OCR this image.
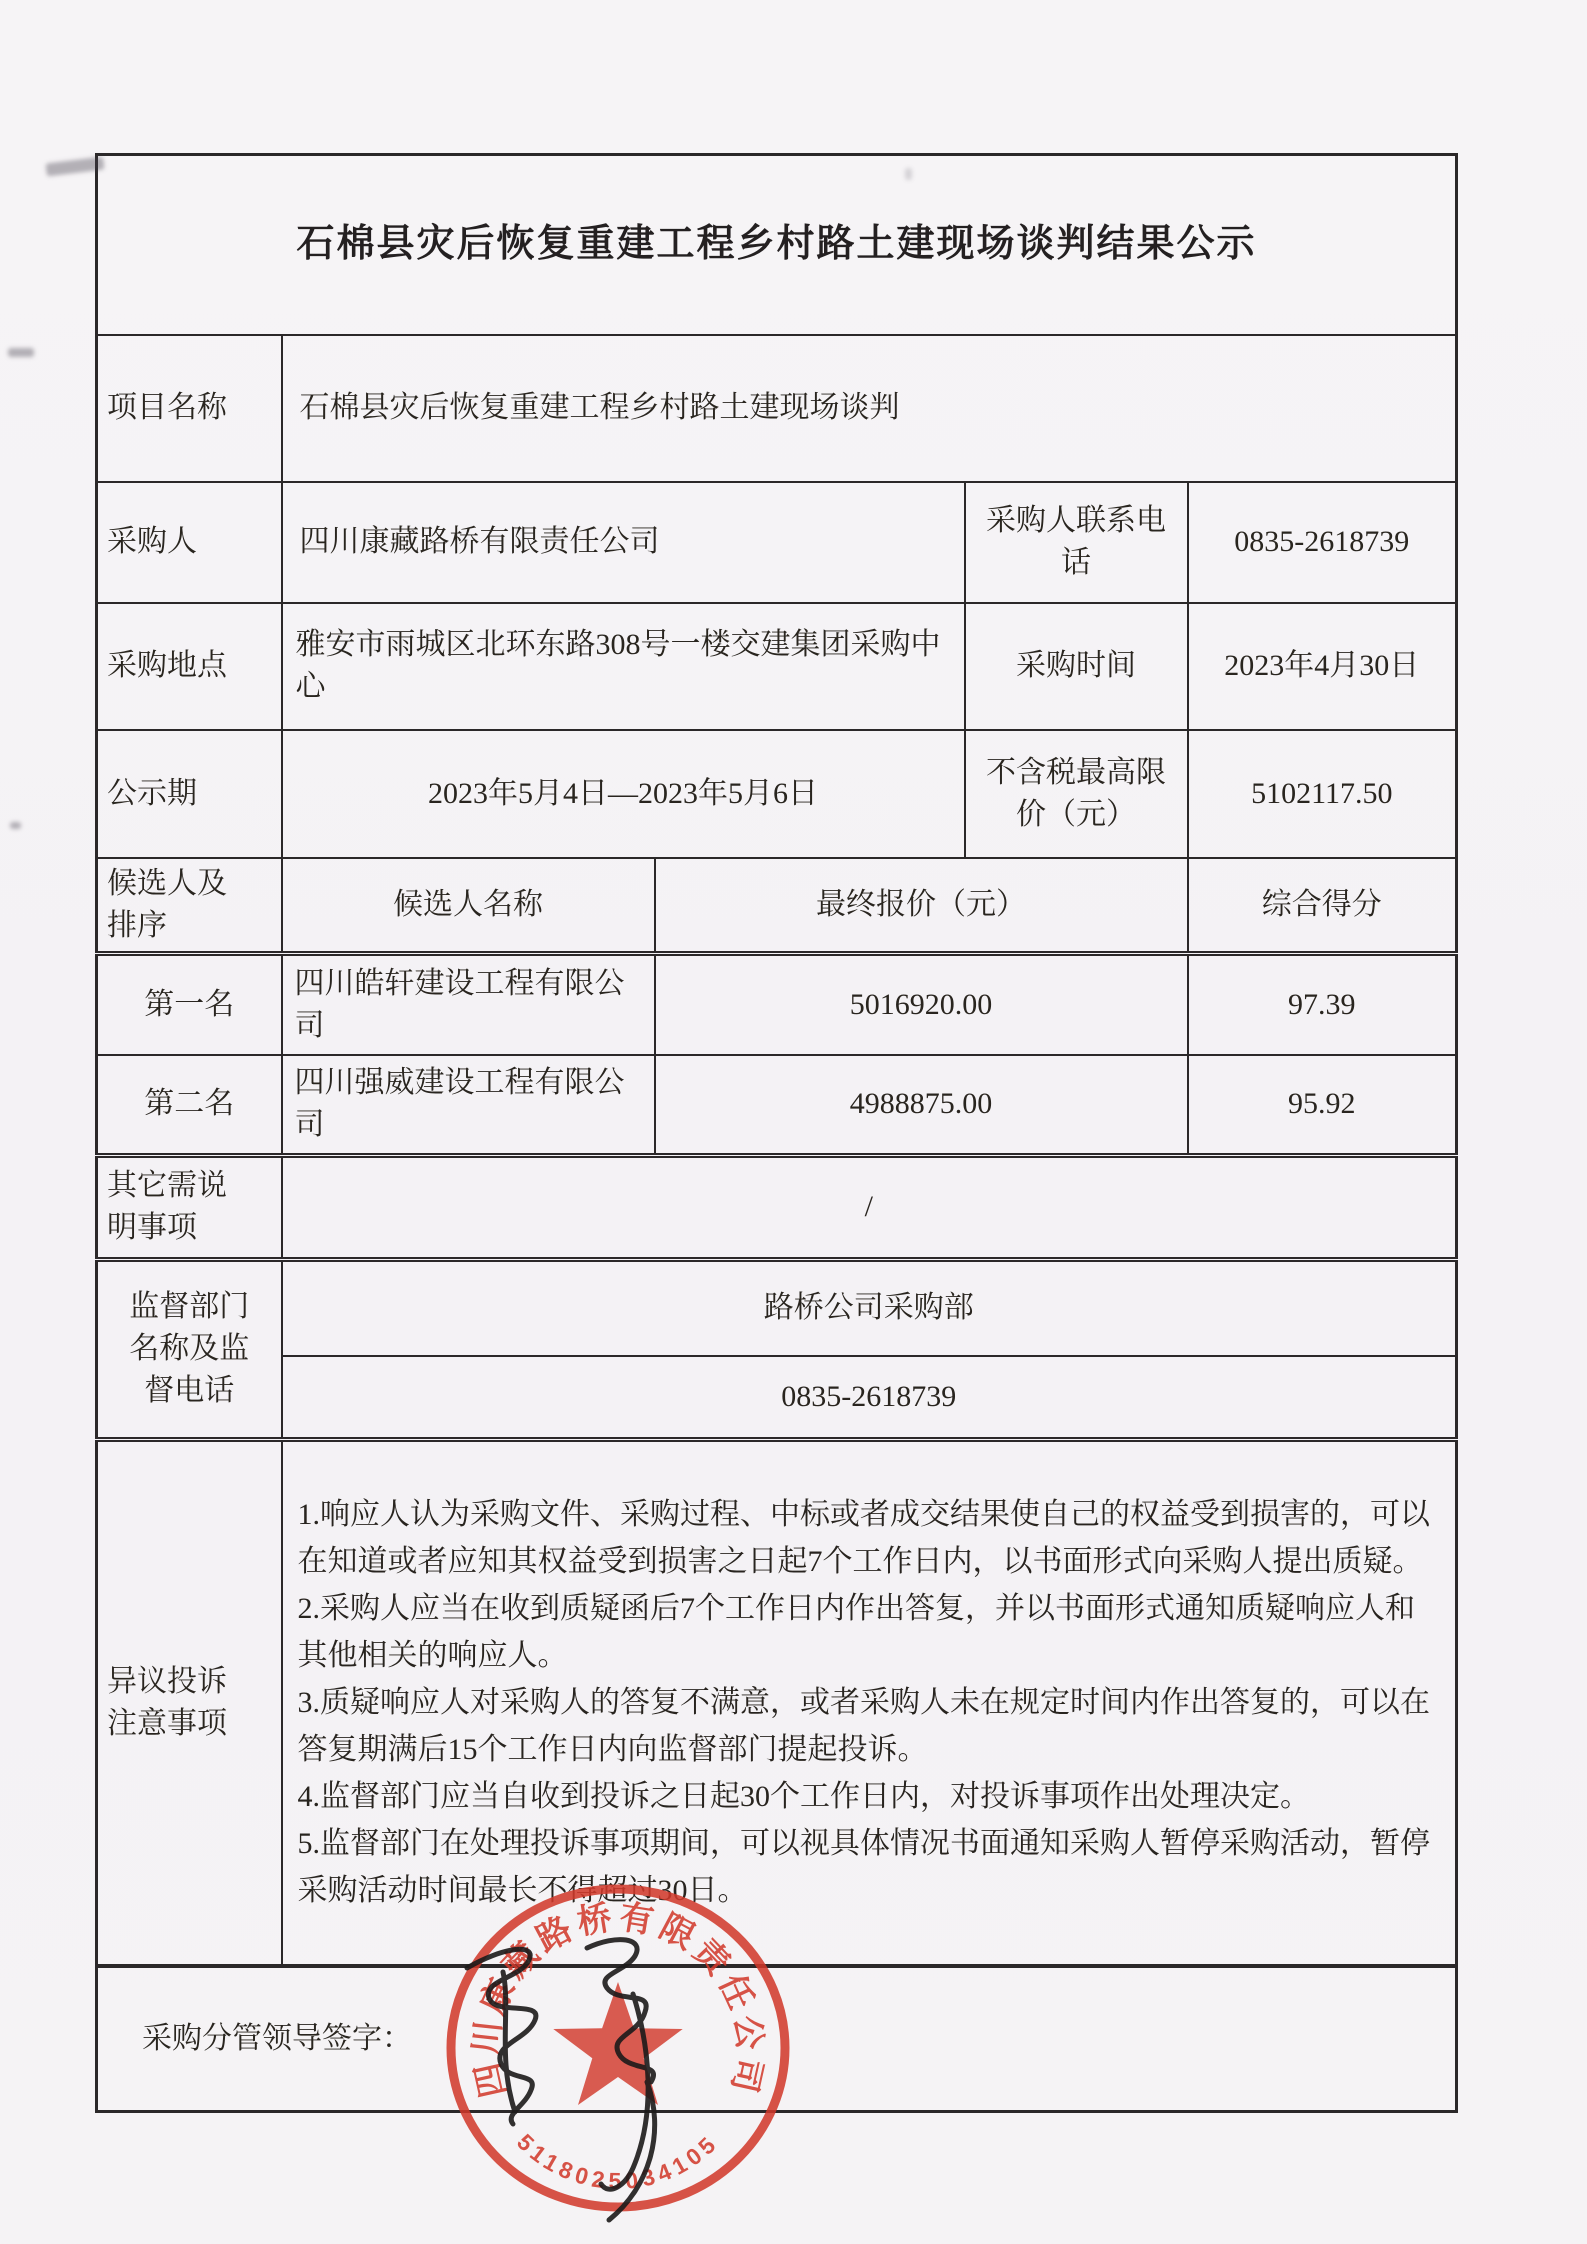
石棉县灾后恢复重建工程乡村路土建现场谈判结果公示				
项目名称	石棉县灾后恢复重建工程乡村路土建现场谈判			
采购人	四川康藏路桥有限责任公司		采购人联系电话	0835-2618739
采购地点	雅安市雨城区北环东路308号一楼交建集团采购中心		采购时间	2023年4月30日
公示期	2023年5月4日—2023年5月6日		不含税最高限价（元）	5102117.50
候选人及排序	候选人名称	最终报价（元）		综合得分
第一名	四川皓轩建设工程有限公司	5016920.00		97.39
第二名	四川强威建设工程有限公司	4988875.00		95.92
其它需说明事项	/			
监督部门名称及监督电话	路桥公司采购部			
	0835-2618739			
异议投诉注意事项	1.响应人认为采购文件、采购过程、中标或者成交结果使自己的权益受到损害的，可以在知道或者应知其权益受到损害之日起7个工作日内，以书面形式向采购人提出质疑。

2.采购人应当在收到质疑函后7个工作日内作出答复，并以书面形式通知质疑响应人和其他相关的响应人。

3.质疑响应人对采购人的答复不满意，或者采购人未在规定时间内作出答复的，可以在答复期满后15个工作日内向监督部门提起投诉。

4.监督部门应当自收到投诉之日起30个工作日内，对投诉事项作出处理决定。

5.监督部门在处理投诉事项期间，可以视具体情况书面通知采购人暂停采购活动，暂停采购活动时间最长不得超过30日。			

采购分管领导签字：				
四川康藏路桥有限责任公司
5118025034105
